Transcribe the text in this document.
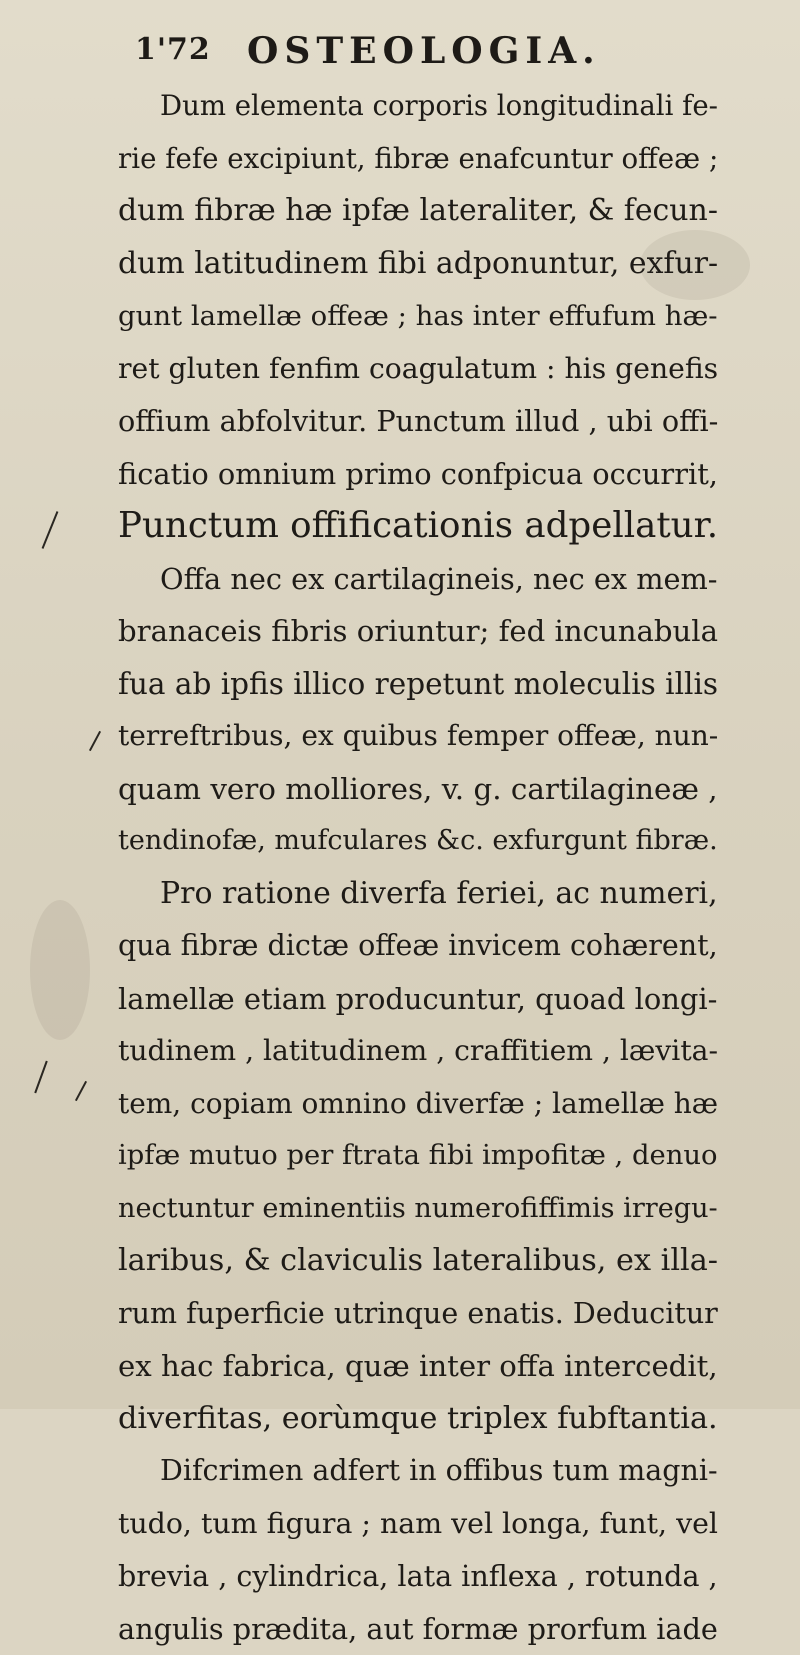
1'72 OSTEOLOGIA.
Dum elementa corporis longitudinali fe-
rie fefe excipiunt, fibræ enafcuntur offeæ ;
dum fibræ hæ ipfæ lateraliter, & fecun-
dum latitudinem fibi adponuntur, exfur-
gunt lamellæ offeæ ; has inter effufum hæ-
ret gluten fenfim coagulatum : his genefis
offium abfolvitur. Punctum illud , ubi offi-
ficatio omnium primo confpicua occurrit,
Punctum offificationis adpellatur.
Offa nec ex cartilagineis, nec ex mem-
branaceis fibris oriuntur; fed incunabula
fua ab ipfis illico repetunt moleculis illis
terreftribus, ex quibus femper offeæ, nun-
quam vero molliores, v. g. cartilagineæ ,
tendinofæ, mufculares &c. exfurgunt fibræ.
Pro ratione diverfa feriei, ac numeri,
qua fibræ dictæ offeæ invicem cohærent,
lamellæ etiam producuntur, quoad longi-
tudinem , latitudinem , craffitiem , lævita-
tem, copiam omnino diverfæ ; lamellæ hæ
ipfæ mutuo per ftrata fibi impofitæ , denuo
nectuntur eminentiis numerofiffimis irregu-
laribus, & claviculis lateralibus, ex illa-
rum fuperficie utrinque enatis. Deducitur
ex hac fabrica, quæ inter offa intercedit,
diverfitas, eorùmque triplex fubftantia.
Difcrimen adfert in offibus tum magni-
tudo, tum figura ; nam vel longa, funt, vel
brevia , cylindrica, lata inflexa , rotunda ,
angulis prædita, aut formæ prorfum iade
